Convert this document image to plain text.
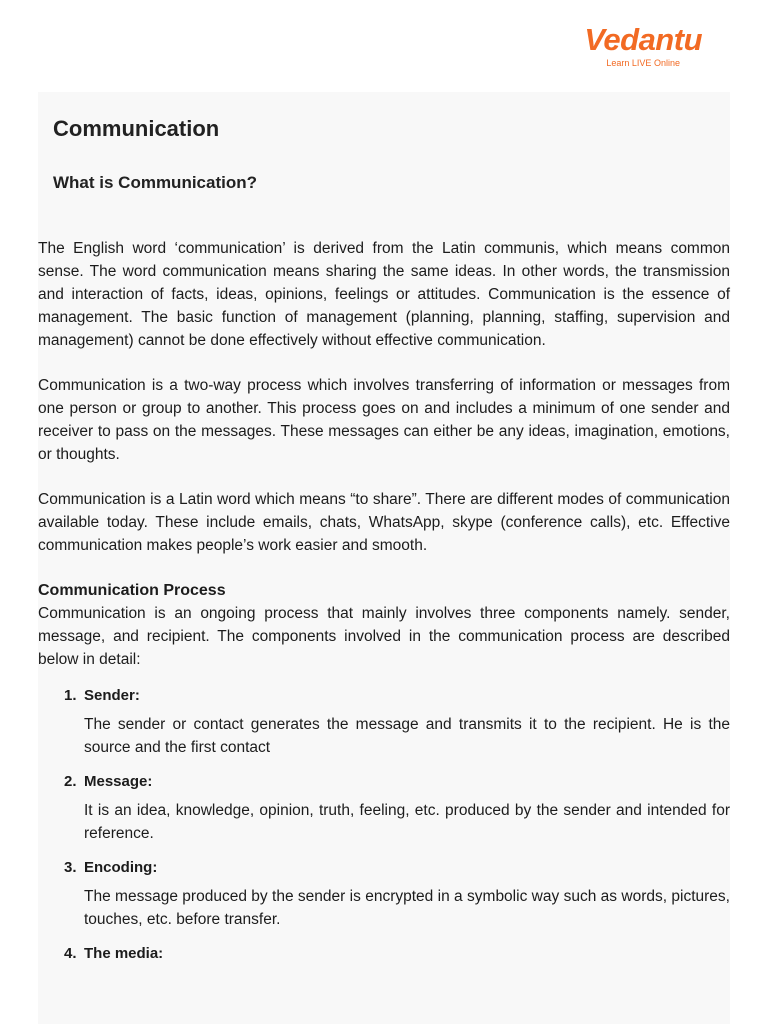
Vedantu
Learn LIVE Online
Communication
What is Communication?

The English word ‘communication’ is derived from the Latin communis, which means common sense. The word communication means sharing the same ideas. In other words, the transmission and interaction of facts, ideas, opinions, feelings or attitudes. Communication is the essence of management. The basic function of management (planning, planning, staffing, supervision and management) cannot be done effectively without effective communication.

Communication is a two-way process which involves transferring of information or messages from one person or group to another. This process goes on and includes a minimum of one sender and receiver to pass on the messages. These messages can either be any ideas, imagination, emotions, or thoughts.

Communication is a Latin word which means “to share”. There are different modes of communication available today. These include emails, chats, WhatsApp, skype (conference calls), etc. Effective communication makes people’s work easier and smooth.

Communication Process

Communication is an ongoing process that mainly involves three components namely. sender, message, and recipient. The components involved in the communication process are described below in detail:

1. Sender:
The sender or contact generates the message and transmits it to the recipient. He is the source and the first contact
2. Message:
It is an idea, knowledge, opinion, truth, feeling, etc. produced by the sender and intended for reference.
3. Encoding:
The message produced by the sender is encrypted in a symbolic way such as words, pictures, touches, etc. before transfer.
4. The media:
